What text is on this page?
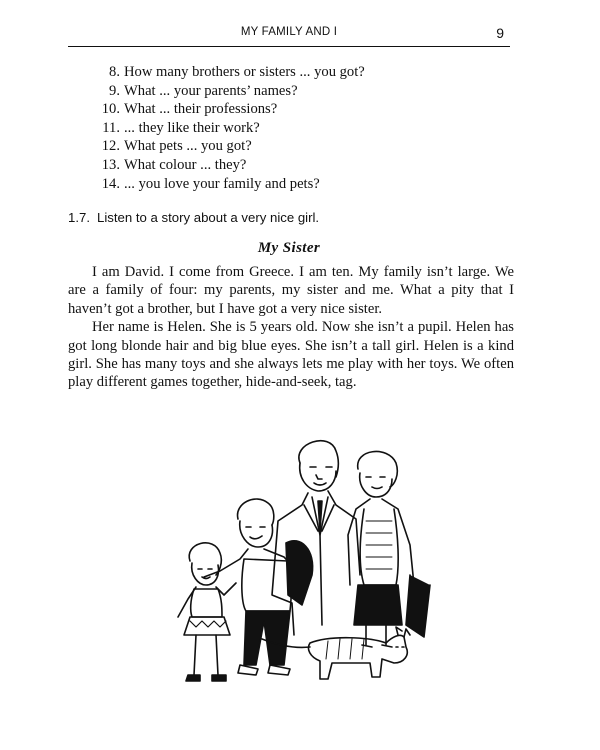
MY FAMILY AND I	9
8. How many brothers or sisters ... you got?
9. What ... your parents’ names?
10. What ... their professions?
11. ... they like their work?
12. What pets ... you got?
13. What colour ... they?
14. ... you love your family and pets?
1.7. Listen to a story about a very nice girl.
My Sister

I am David. I come from Greece. I am ten. My family isn’t large. We are a family of four: my parents, my sister and me. What a pity that I haven’t got a brother, but I have got a very nice sister.

Her name is Helen. She is 5 years old. Now she isn’t a pupil. Helen has got long blonde hair and big blue eyes. She isn’t a tall girl. Helen is a kind girl. She has many toys and she always lets me play with her toys. We often play different games together, hide-and-seek, tag.
